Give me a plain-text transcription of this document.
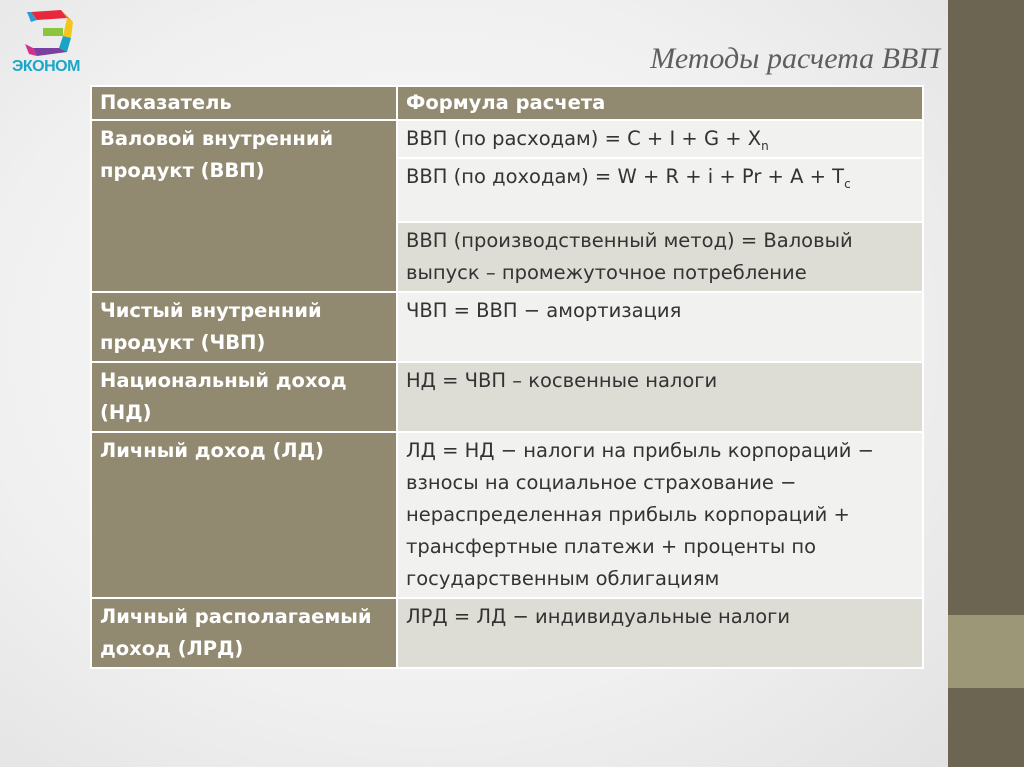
ЭКОНОМ	Методы расчета ВВП
Показатель	Формула расчета
Валовой внутренний продукт (ВВП)	ВВП (по расходам) = $C + I + G + X_n$
	ВВП (по доходам) = $W + R + i + Pr + A + T_c$
	ВВП (производственный метод) = Валовый выпуск – промежуточное потребление
Чистый внутренний продукт (ЧВП)	ЧВП = ВВП − амортизация
Национальный доход (НД)	НД = ЧВП – косвенные налоги
Личный доход (ЛД)	ЛД = НД − налоги на прибыль корпораций − взносы на социальное страхование − нераспределенная прибыль корпораций + трансфертные платежи + проценты по государственным облигациям
Личный располагаемый доход (ЛРД)	ЛРД = ЛД − индивидуальные налоги
